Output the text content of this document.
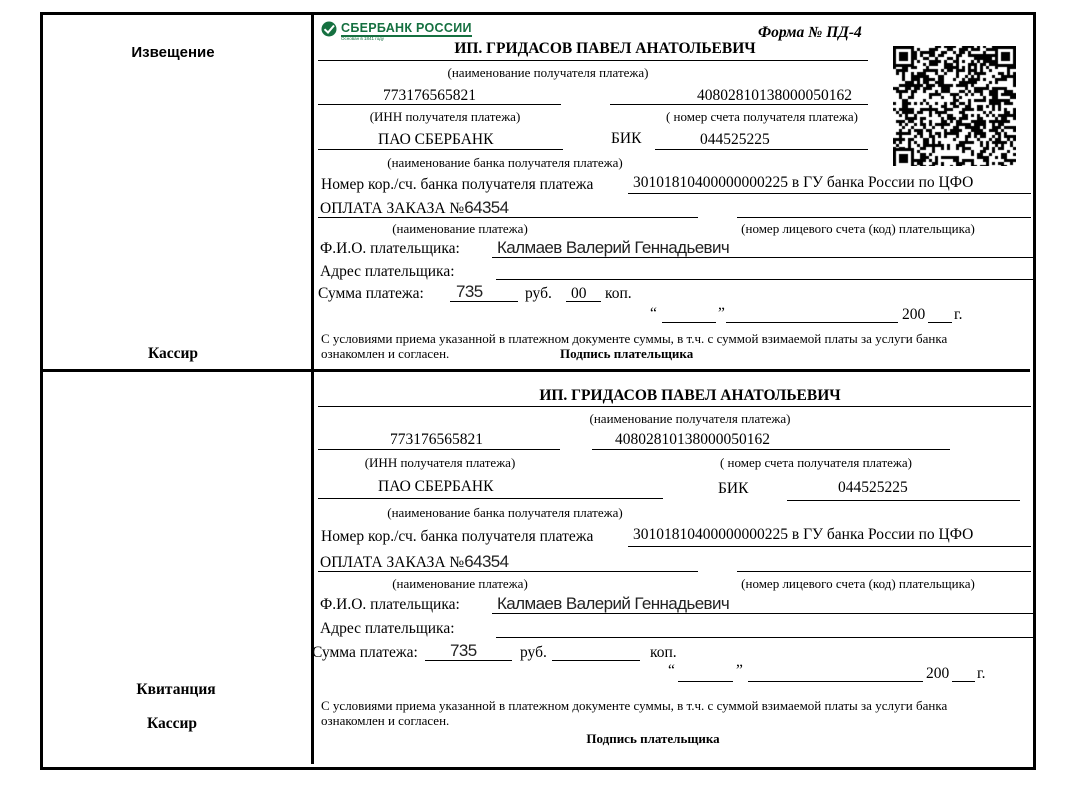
Извещение
Кассир
СБЕРБАНК РОССИИ
Основан в 1841 году	Форма № ПД-4
ИП. ГРИДАСОВ ПАВЕЛ АНАТОЛЬЕВИЧ
(наименование получателя платежа)
773176565821	40802810138000050162
(ИНН получателя платежа)	( номер счета получателя платежа)
ПАО СБЕРБАНК	БИК	044525225
(наименование банка получателя платежа)
Номер кор./сч. банка получателя платежа	30101810400000000225 в ГУ банка России по ЦФО
ОПЛАТА ЗАКАЗА №64354
(наименование платежа)	(номер лицевого счета (код) плательщика)
Ф.И.О. плательщика: Калмаев Валерий Геннадьевич
Адрес плательщика:
Сумма платежа: 735	руб. 00 коп.
“	”	200 г.
С условиями приема указанной в платежном документе суммы, в т.ч. с суммой взимаемой платы за услуги банка
ознакомлен и согласен.	Подпись плательщика
Квитанция
Кассир
ИП. ГРИДАСОВ ПАВЕЛ АНАТОЛЬЕВИЧ
(наименование получателя платежа)
773176565821	40802810138000050162
(ИНН получателя платежа)	( номер счета получателя платежа)
ПАО СБЕРБАНК	БИК	044525225
(наименование банка получателя платежа)
Номер кор./сч. банка получателя платежа	30101810400000000225 в ГУ банка России по ЦФО
ОПЛАТА ЗАКАЗА №64354
(наименование платежа)	(номер лицевого счета (код) плательщика)
Ф.И.О. плательщика: Калмаев Валерий Геннадьевич
Адрес плательщика:
Сумма платежа: 735	руб.	коп.
“	”	200 г.
С условиями приема указанной в платежном документе суммы, в т.ч. с суммой взимаемой платы за услуги банка
ознакомлен и согласен.
Подпись плательщика
